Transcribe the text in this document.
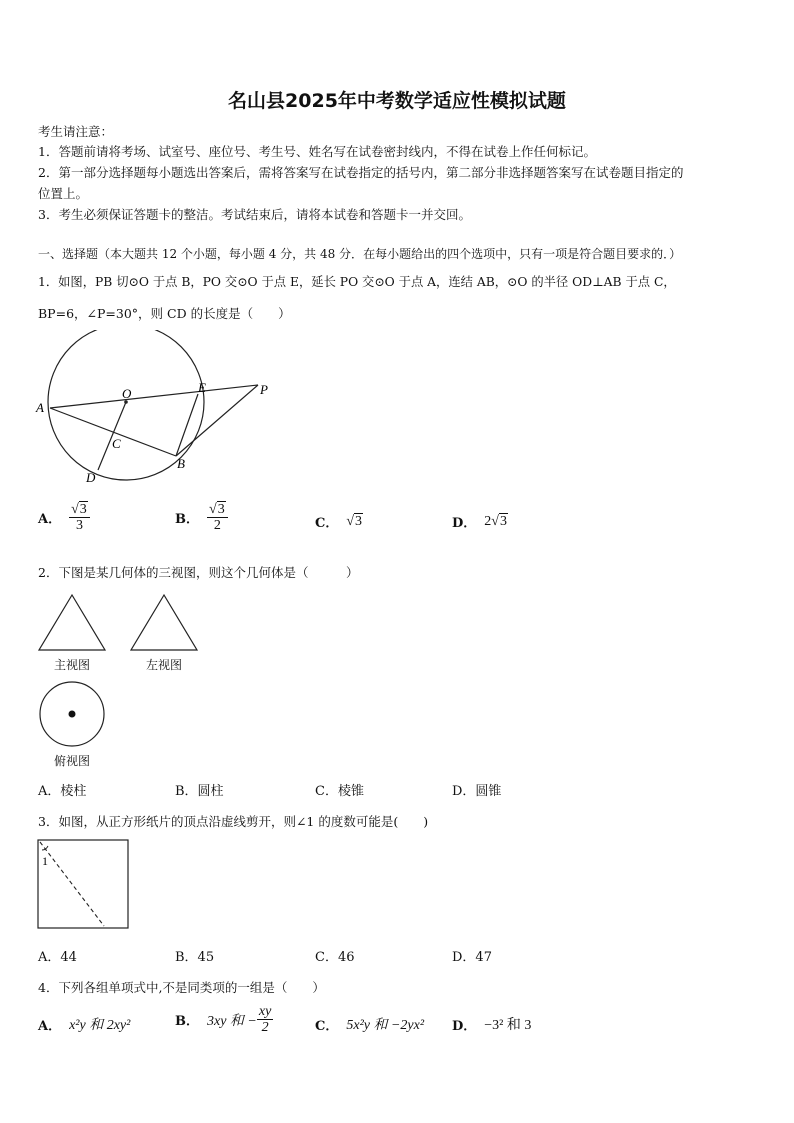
名山县2025年中考数学适应性模拟试题
考生请注意：
1．答题前请将考场、试室号、座位号、考生号、姓名写在试卷密封线内，不得在试卷上作任何标记。
2．第一部分选择题每小题选出答案后，需将答案写在试卷指定的括号内，第二部分非选择题答案写在试卷题目指定的
位置上。
3．考生必须保证答题卡的整洁。考试结束后，请将本试卷和答题卡一并交回。
一、选择题（本大题共 12 个小题，每小题 4 分，共 48 分．在每小题给出的四个选项中，只有一项是符合题目要求的．）
1．如图，PB 切⊙O 于点 B，PO 交⊙O 于点 E，延长 PO 交⊙O 于点 A，连结 AB，⊙O 的半径 OD⊥AB 于点 C，
BP=6，∠P=30°，则 CD 的长度是（　　）
A
O	E	P
C
B
D
A． $\frac{√3}{3}$	B． $\frac{√3}{2}$	C． √3	D． 2√3
2．下图是某几何体的三视图，则这个几何体是（　　　）
主视图	左视图
俯视图
A．棱柱	B．圆柱	C．棱锥	D．圆锥
3．如图，从正方形纸片的顶点沿虚线剪开，则∠1 的度数可能是(　　)
1
A．44	B．45	C．46	D．47
4．下列各组单项式中,不是同类项的一组是（　　）
A． x²y 和 2xy²	B． 3xy 和 − $\frac{xy}{2}$	C． 5x²y 和 −2yx² D． −3² 和 3
